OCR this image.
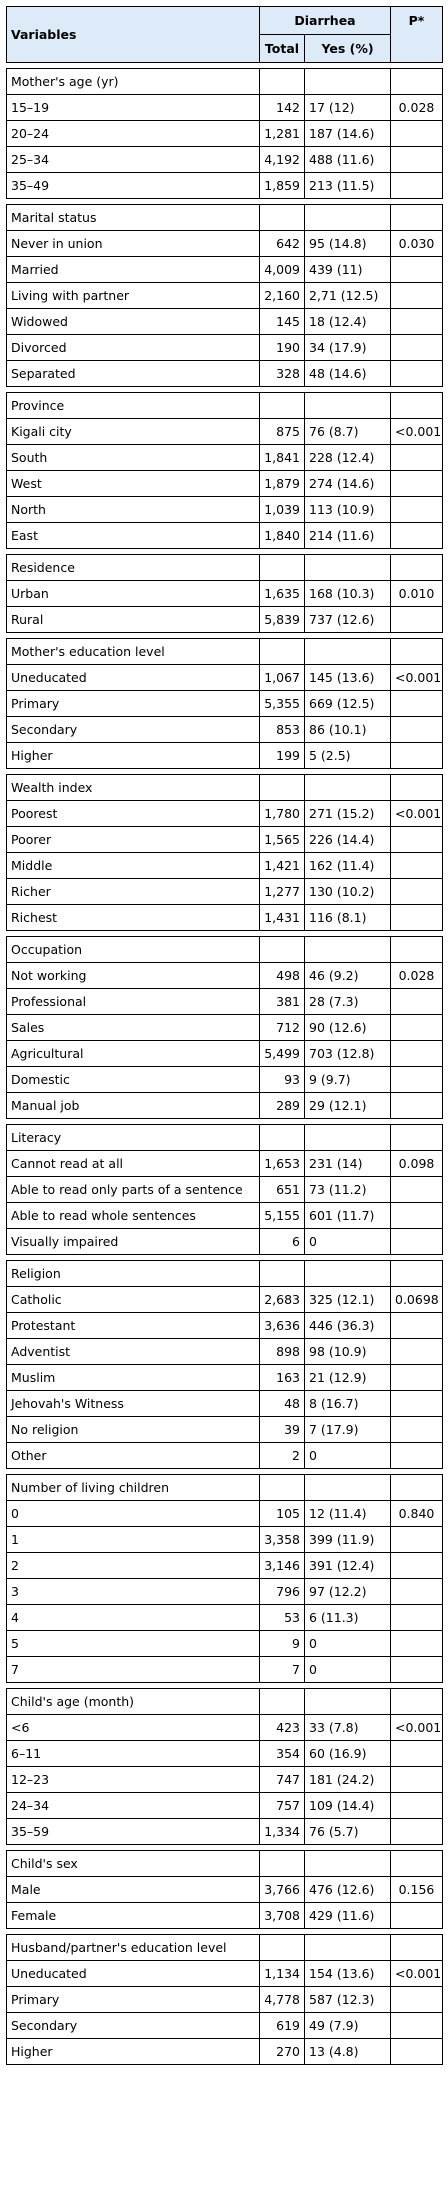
Variables	Diarrhea		P*
	Total	Yes (%)	

Mother's age (yr)			
15–19	142	17 (12)	0.028
20–24	1,281	187 (14.6)	
25–34	4,192	488 (11.6)	
35–49	1,859	213 (11.5)	

Marital status			
Never in union	642	95 (14.8)	0.030
Married	4,009	439 (11)	
Living with partner	2,160	2,71 (12.5)	
Widowed	145	18 (12.4)	
Divorced	190	34 (17.9)	
Separated	328	48 (14.6)	

Province			
Kigali city	875	76 (8.7)	<0.001
South	1,841	228 (12.4)	
West	1,879	274 (14.6)	
North	1,039	113 (10.9)	
East	1,840	214 (11.6)	

Residence			
Urban	1,635	168 (10.3)	0.010
Rural	5,839	737 (12.6)	

Mother's education level			
Uneducated	1,067	145 (13.6)	<0.001
Primary	5,355	669 (12.5)	
Secondary	853	86 (10.1)	
Higher	199	5 (2.5)	

Wealth index			
Poorest	1,780	271 (15.2)	<0.001
Poorer	1,565	226 (14.4)	
Middle	1,421	162 (11.4)	
Richer	1,277	130 (10.2)	
Richest	1,431	116 (8.1)	

Occupation			
Not working	498	46 (9.2)	0.028
Professional	381	28 (7.3)	
Sales	712	90 (12.6)	
Agricultural	5,499	703 (12.8)	
Domestic	93	9 (9.7)	
Manual job	289	29 (12.1)	

Literacy			
Cannot read at all	1,653	231 (14)	0.098
Able to read only parts of a sentence	651	73 (11.2)	
Able to read whole sentences	5,155	601 (11.7)	
Visually impaired	6	0	

Religion			
Catholic	2,683	325 (12.1)	0.0698
Protestant	3,636	446 (36.3)	
Adventist	898	98 (10.9)	
Muslim	163	21 (12.9)	
Jehovah's Witness	48	8 (16.7)	
No religion	39	7 (17.9)	
Other	2	0	

Number of living children			
0	105	12 (11.4)	0.840
1	3,358	399 (11.9)	
2	3,146	391 (12.4)	
3	796	97 (12.2)	
4	53	6 (11.3)	
5	9	0	
7	7	0	

Child's age (month)			
<6	423	33 (7.8)	<0.001
6–11	354	60 (16.9)	
12–23	747	181 (24.2)	
24–34	757	109 (14.4)	
35–59	1,334	76 (5.7)	

Child's sex			
Male	3,766	476 (12.6)	0.156
Female	3,708	429 (11.6)	

Husband/partner's education level			
Uneducated	1,134	154 (13.6)	<0.001
Primary	4,778	587 (12.3)	
Secondary	619	49 (7.9)	
Higher	270	13 (4.8)	
